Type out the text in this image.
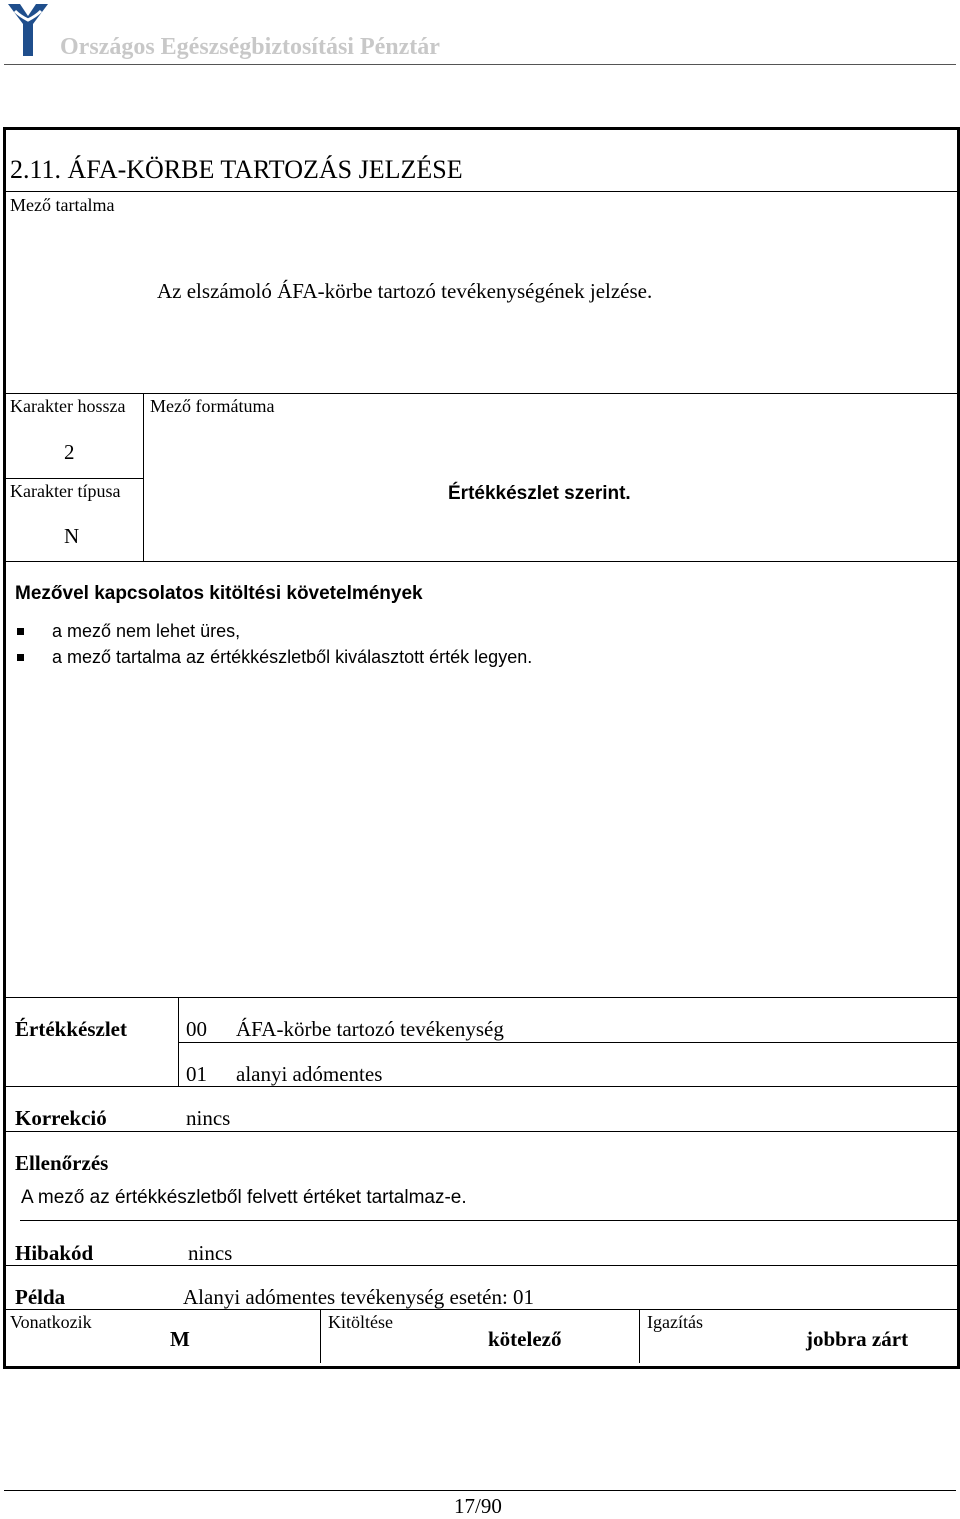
Országos Egészségbiztosítási Pénztár
2.11. ÁFA-KÖRBE TARTOZÁS JELZÉSE
Mező tartalma
Az elszámoló ÁFA-körbe tartozó tevékenységének jelzése.
Karakter hossza
2
Karakter típusa
N
Mező formátuma
Értékkészlet szerint.
Mezővel kapcsolatos kitöltési követelmények
a mező nem lehet üres,
a mező tartalma az értékkészletből kiválasztott érték legyen.
Értékkészlet	00 ÁFA-körbe tartozó tevékenység
01 alanyi adómentes
Korrekció	nincs
Ellenőrzés
A mező az értékkészletből felvett értéket tartalmaz-e.
Hibakód	nincs
Példa	Alanyi adómentes tevékenység esetén: 01
Vonatkozik
M
Kitöltése
kötelező
Igazítás
jobbra zárt
17/90
